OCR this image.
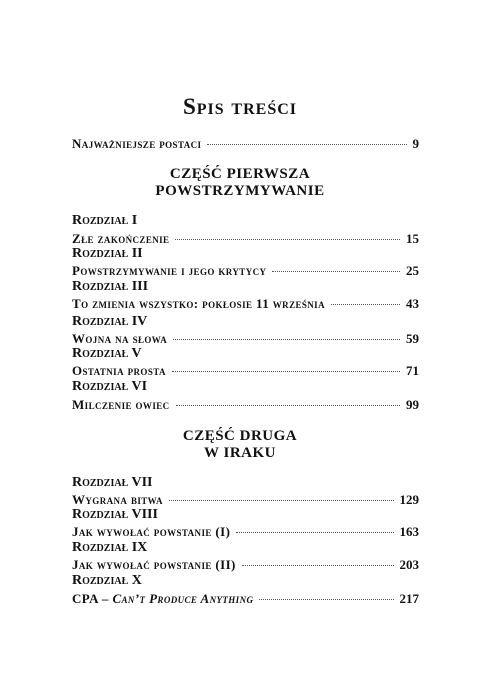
Spis treści
Najważniejsze postaci	9
CZĘŚĆ PIERWSZA
POWSTRZYMYWANIE
Rozdział I
Złe zakończenie	15
Rozdział II
Powstrzymywanie i jego krytycy	25
Rozdział III
To zmienia wszystko: pokłosie 11 września	43
Rozdział IV
Wojna na słowa	59
Rozdział V
Ostatnia prosta	71
Rozdział VI
Milczenie owiec	99
CZĘŚĆ DRUGA
W IRAKU
Rozdział VII
Wygrana bitwa	129
Rozdział VIII
Jak wywołać powstanie (I)	163
Rozdział IX
Jak wywołać powstanie (II)	203
Rozdział X
CPA – Can’t Produce Anything	217
